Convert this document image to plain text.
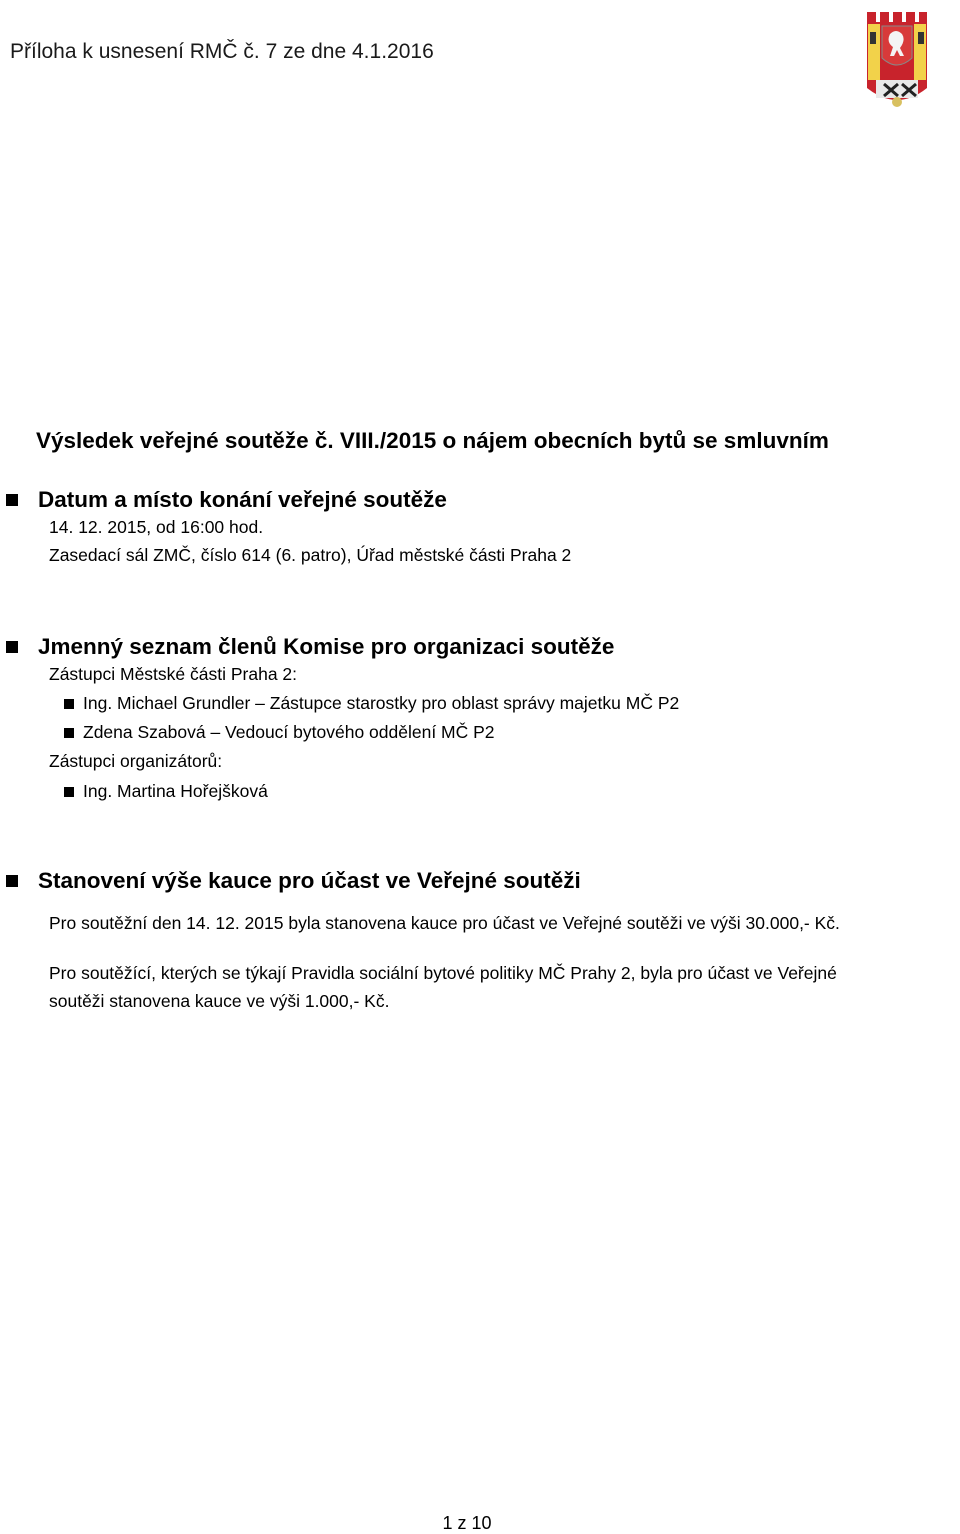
Příloha k usnesení RMČ č. 7 ze dne 4.1.2016
Výsledek veřejné soutěže č. VIII./2015 o nájem obecních bytů se smluvním
Datum a místo konání veřejné soutěže
14. 12. 2015, od 16:00 hod.
Zasedací sál ZMČ, číslo 614 (6. patro), Úřad městské části Praha 2
Jmenný seznam členů Komise pro organizaci soutěže
Zástupci Městské části Praha 2:
Ing. Michael Grundler – Zástupce starostky pro oblast správy majetku MČ P2
Zdena Szabová – Vedoucí bytového oddělení MČ P2
Zástupci organizátorů:
Ing. Martina Hořejšková
Stanovení výše kauce pro účast ve Veřejné soutěži
Pro soutěžní den 14. 12. 2015 byla stanovena kauce pro účast ve Veřejné soutěži ve výši 30.000,- Kč.
Pro soutěžící, kterých se týkají Pravidla sociální bytové politiky MČ Prahy 2, byla pro účast ve Veřejné
soutěži stanovena kauce ve výši 1.000,- Kč.
1 z 10
